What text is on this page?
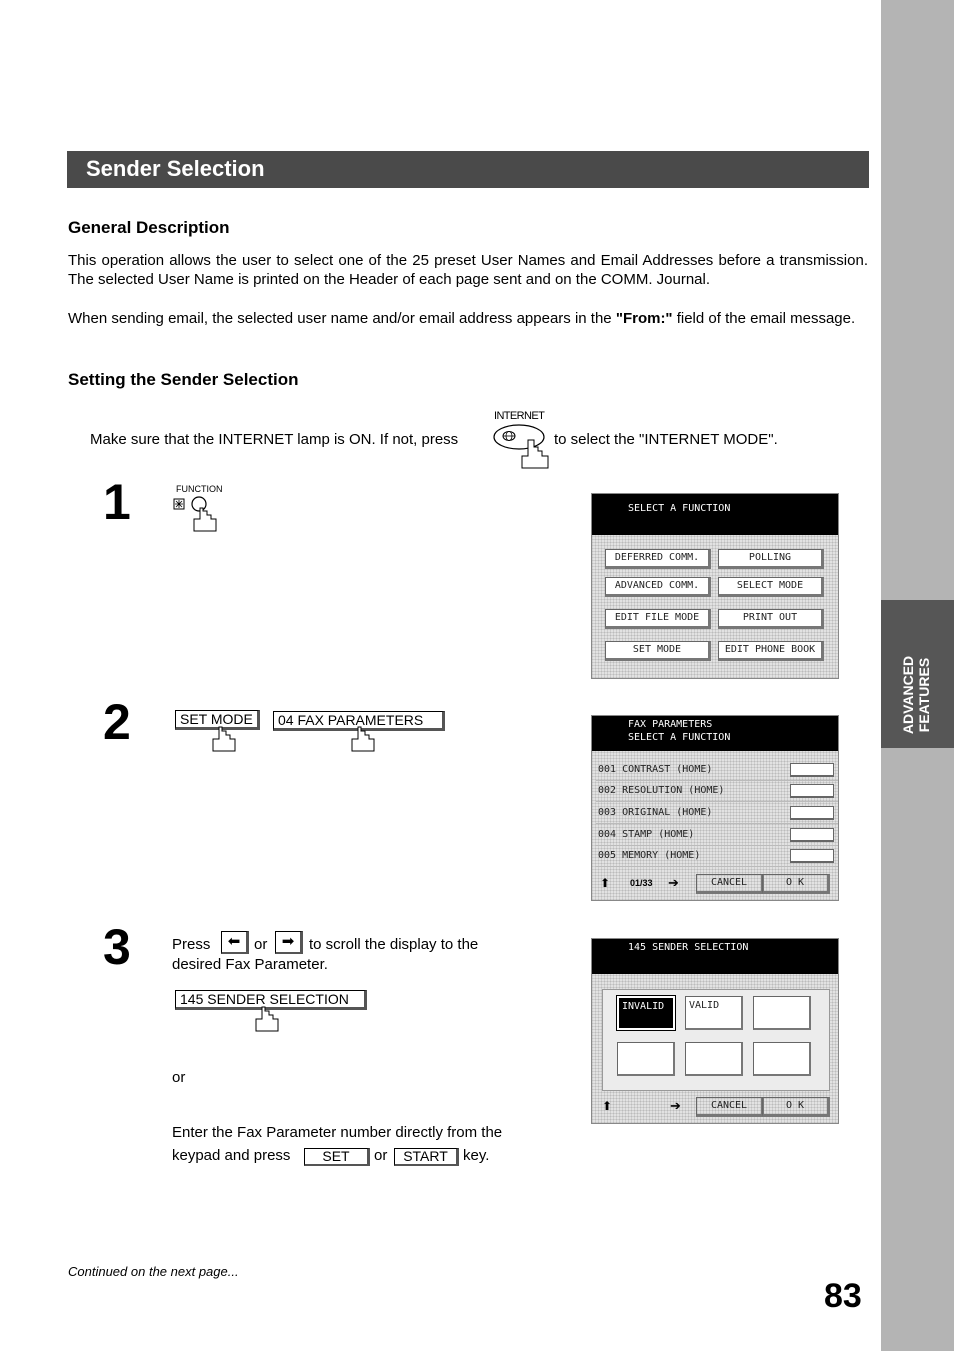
ADVANCED FEATURES
Sender Selection
General Description
This operation allows the user to select one of the 25 preset User Names and Email Addresses before a transmission. The selected User Name is printed on the Header of each page sent and on the COMM. Journal.
When sending email, the selected user name and/or email address appears in the "From:" field of the email message.
Setting the Sender Selection
Make sure that the INTERNET lamp is ON. If not, press
INTERNET
to select the "INTERNET MODE".
1	FUNCTION
SELECT A FUNCTION
DEFERRED COMM.	POLLING
ADVANCED COMM.	SELECT MODE
EDIT FILE MODE	PRINT OUT
SET MODE	EDIT PHONE BOOK
2	SET MODE	04 FAX PARAMETERS	FAX PARAMETERS
SELECT A FUNCTION
001 CONTRAST (HOME)
002 RESOLUTION (HOME)
003 ORIGINAL (HOME)
004 STAMP (HOME)
005 MEMORY (HOME)
⬆ 01/33 ➔	CANCEL	O K
3	Press	⬅ or ➡ to scroll the display to the
desired Fax Parameter.
145 SENDER SELECTION
or
Enter the Fax Parameter number directly from the
keypad and press	SET	or	START	key.
145 SENDER SELECTION
INVALID	VALID
⬆	➔	CANCEL	O K
Continued on the next page...
83
